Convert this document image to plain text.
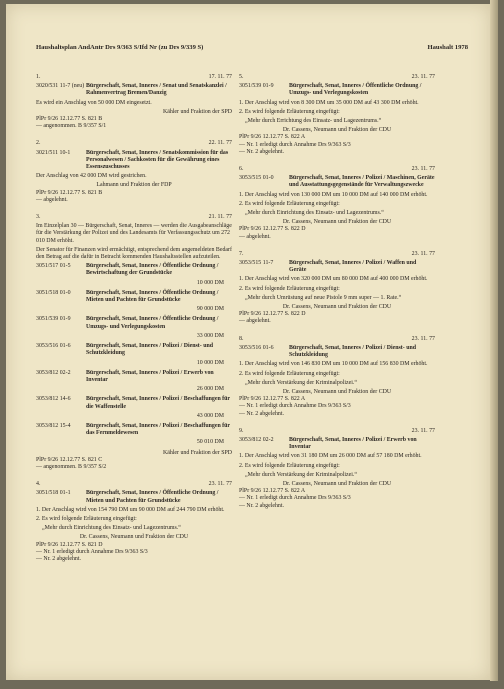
Haushaltsplan AndAntr Drs 9/363 S/Ifd Nr (zu Drs 9/339 S)	Haushalt 1978
1.	17. 11. 77
3020/531 11-7 (neu) Bürgerschaft, Senat, Inneres / Senat und Senatskanzlei / Rahmenvertrag Bremen/Danzig
Es wird ein Anschlag von 50 000 DM eingesetzt.
Kähler und Fraktion der SPD
PlPr 9/26 12.12.77 S. 821 B
— angenommen. B 9/357 S/1
2.	22. 11. 77
3021/511 10-1	Bürgerschaft, Senat, Inneres / Senatskommission für das Personalwesen / Sachkosten für die Gewährung eines Essenszuschusses
Der Anschlag von 42 000 DM wird gestrichen.
Lahmann und Fraktion der FDP
PlPr 9/26 12.12.77 S. 821 B
— abgelehnt.
3.	21. 11. 77
Im Einzelplan 30 — Bürgerschaft, Senat, Inneres — werden die Ausgabeanschläge für die Verstärkung der Polizei und des Landesamts für Verfassungsschutz um 272 010 DM erhöht.
Der Senator für Finanzen wird ermächtigt, entsprechend dem angemeldeten Bedarf den Betrag auf die dafür in Betracht kommenden Haushaltsstellen aufzuteilen.
3051/517 01-5	Bürgerschaft, Senat, Inneres / Öffentliche Ordnung / Bewirtschaftung der Grundstücke
10 000 DM
3051/518 01-0	Bürgerschaft, Senat, Inneres / Öffentliche Ordnung / Mieten und Pachten für Grundstücke
90 000 DM
3051/539 01-9	Bürgerschaft, Senat, Inneres / Öffentliche Ordnung / Umzugs- und Verlegungskosten
33 000 DM
3053/516 01-6	Bürgerschaft, Senat, Inneres / Polizei / Dienst- und Schutzkleidung
10 000 DM
3053/812 02-2	Bürgerschaft, Senat, Inneres / Polizei / Erwerb von Inventar
26 000 DM
3053/812 14-6	Bürgerschaft, Senat, Inneres / Polizei / Beschaffungen für die Waffenstelle
43 000 DM
3053/812 15-4	Bürgerschaft, Senat, Inneres / Polizei / Beschaffungen für das Fernmeldewesen
50 010 DM
Kähler und Fraktion der SPD
PlPr 9/26 12.12.77 S. 821 C
— angenommen. B 9/357 S/2
4.	23. 11. 77
3051/518 01-1	Bürgerschaft, Senat, Inneres / Öffentliche Ordnung / Mieten und Pachten für Grundstücke
1. Der Anschlag wird von 154 790 DM um 90 000 DM auf 244 790 DM erhöht.
2. Es wird folgende Erläuterung eingefügt:
„Mehr durch Einrichtung des Einsatz- und Lagezentrums.“
Dr. Cassens, Neumann und Fraktion der CDU
PlPr 9/26 12.12.77 S. 821 D
— Nr. 1 erledigt durch Annahme Drs 9/363 S/3
— Nr. 2 abgelehnt.
5.	23. 11. 77
3051/539 01-9	Bürgerschaft, Senat, Inneres / Öffentliche Ordnung / Umzugs- und Verlegungskosten
1. Der Anschlag wird von 8 300 DM um 35 000 DM auf 43 300 DM erhöht.
2. Es wird folgende Erläuterung eingefügt:
„Mehr durch Errichtung des Einsatz- und Lagezentrums.“
Dr. Cassens, Neumann und Fraktion der CDU
PlPr 9/26 12.12.77 S. 822 A
— Nr. 1 erledigt durch Annahme Drs 9/363 S/3
— Nr. 2 abgelehnt.
6.	23. 11. 77
3053/515 01-0	Bürgerschaft, Senat, Inneres / Polizei / Maschinen, Geräte und Ausstattungsgegenstände für Verwaltungszwecke
1. Der Anschlag wird von 130 000 DM um 10 000 DM auf 140 000 DM erhöht.
2. Es wird folgende Erläuterung eingefügt:
„Mehr durch Einrichtung des Einsatz- und Lagezentrums.“
Dr. Cassens, Neumann und Fraktion der CDU
PlPr 9/26 12.12.77 S. 822 D
— abgelehnt.
7.	23. 11. 77
3053/515 11-7	Bürgerschaft, Senat, Inneres / Polizei / Waffen und Geräte
1. Der Anschlag wird von 320 000 DM um 80 000 DM auf 400 000 DM erhöht.
2. Es wird folgende Erläuterung eingefügt:
„Mehr durch Umrüstung auf neue Pistole 9 mm super — 1. Rate.“
Dr. Cassens, Neumann und Fraktion der CDU
PlPr 9/26 12.12.77 S. 822 D
— abgelehnt.
8.	23. 11. 77
3053/516 01-6	Bürgerschaft, Senat, Inneres / Polizei / Dienst- und Schutzkleidung
1. Der Anschlag wird von 146 830 DM um 10 000 DM auf 156 830 DM erhöht.
2. Es wird folgende Erläuterung eingefügt:
„Mehr durch Verstärkung der Kriminalpolizei.“
Dr. Cassens, Neumann und Fraktion der CDU
PlPr 9/26 12.12.77 S. 822 A
— Nr. 1 erledigt durch Annahme Drs 9/363 S/3
— Nr. 2 abgelehnt.
9.	23. 11. 77
3053/812 02-2	Bürgerschaft, Senat, Inneres / Polizei / Erwerb von Inventar
1. Der Anschlag wird von 31 180 DM um 26 000 DM auf 57 180 DM erhöht.
2. Es wird folgende Erläuterung eingefügt:
„Mehr durch Verstärkung der Kriminalpolizei.“
Dr. Cassens, Neumann und Fraktion der CDU
PlPr 9/26 12.12.77 S. 822 A
— Nr. 1 erledigt durch Annahme Drs 9/363 S/3
— Nr. 2 abgelehnt.
